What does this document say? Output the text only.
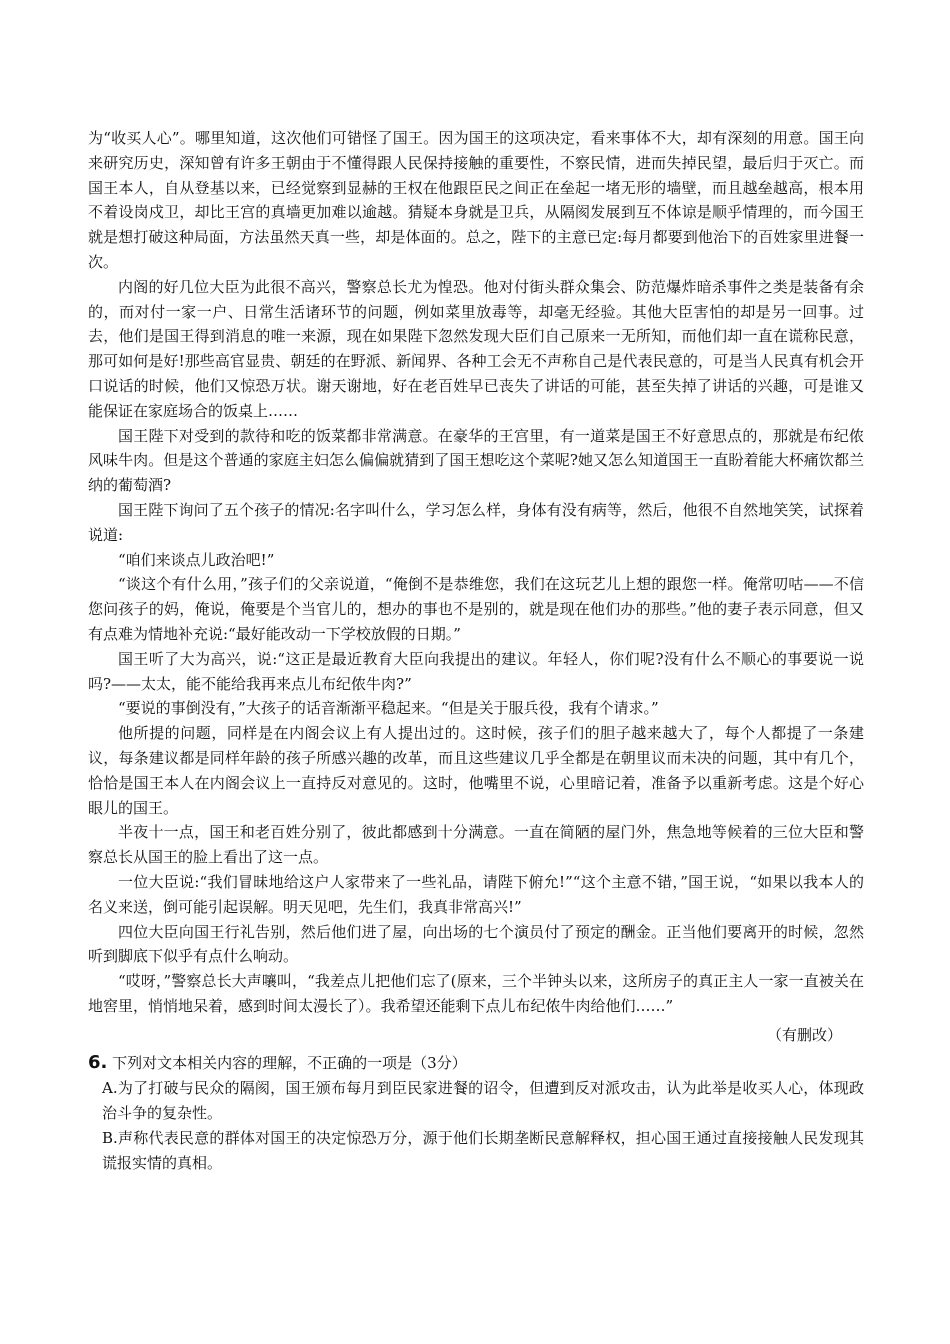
为“收买人心”。哪里知道，这次他们可错怪了国王。因为国王的这项决定，看来事体不大，却有深刻的用意。国王向来研究历史，深知曾有许多王朝由于不懂得跟人民保持接触的重要性，不察民情，进而失掉民望，最后归于灭亡。而国王本人，自从登基以来，已经觉察到显赫的王权在他跟臣民之间正在垒起一堵无形的墙壁，而且越垒越高，根本用不着设岗戍卫，却比王宫的真墙更加难以逾越。猜疑本身就是卫兵，从隔阂发展到互不体谅是顺乎情理的，而今国王就是想打破这种局面，方法虽然天真一些，却是体面的。总之，陛下的主意已定:每月都要到他治下的百姓家里进餐一次。

内阁的好几位大臣为此很不高兴，警察总长尤为惶恐。他对付街头群众集会、防范爆炸暗杀事件之类是装备有余的，而对付一家一户、日常生活诸环节的问题，例如菜里放毒等，却毫无经验。其他大臣害怕的却是另一回事。过去，他们是国王得到消息的唯一来源，现在如果陛下忽然发现大臣们自己原来一无所知，而他们却一直在谎称民意，那可如何是好!那些高官显贵、朝廷的在野派、新闻界、各种工会无不声称自己是代表民意的，可是当人民真有机会开口说话的时候，他们又惊恐万状。谢天谢地，好在老百姓早已丧失了讲话的可能，甚至失掉了讲话的兴趣，可是谁又能保证在家庭场合的饭桌上……

国王陛下对受到的款待和吃的饭菜都非常满意。在豪华的王宫里，有一道菜是国王不好意思点的，那就是布纪侬风味牛肉。但是这个普通的家庭主妇怎么偏偏就猜到了国王想吃这个菜呢?她又怎么知道国王一直盼着能大杯痛饮都兰纳的葡萄酒?

国王陛下询问了五个孩子的情况:名字叫什么，学习怎么样，身体有没有病等，然后，他很不自然地笑笑，试探着说道:

“咱们来谈点儿政治吧!”

“谈这个有什么用，”孩子们的父亲说道，“俺倒不是恭维您，我们在这玩艺儿上想的跟您一样。俺常叨咕——不信您问孩子的妈，俺说，俺要是个当官儿的，想办的事也不是别的，就是现在他们办的那些。”他的妻子表示同意，但又有点难为情地补充说:“最好能改动一下学校放假的日期。”

国王听了大为高兴，说:“这正是最近教育大臣向我提出的建议。年轻人，你们呢?没有什么不顺心的事要说一说吗?——太太，能不能给我再来点儿布纪侬牛肉?”

“要说的事倒没有，”大孩子的话音渐渐平稳起来。“但是关于服兵役，我有个请求。”

他所提的问题，同样是在内阁会议上有人提出过的。这时候，孩子们的胆子越来越大了，每个人都提了一条建议，每条建议都是同样年龄的孩子所感兴趣的改革，而且这些建议几乎全都是在朝里议而未决的问题，其中有几个，恰恰是国王本人在内阁会议上一直持反对意见的。这时，他嘴里不说，心里暗记着，准备予以重新考虑。这是个好心眼儿的国王。

半夜十一点，国王和老百姓分别了，彼此都感到十分满意。一直在简陋的屋门外，焦急地等候着的三位大臣和警察总长从国王的脸上看出了这一点。

一位大臣说:“我们冒昧地给这户人家带来了一些礼品，请陛下俯允!”“这个主意不错，”国王说，“如果以我本人的名义来送，倒可能引起误解。明天见吧，先生们，我真非常高兴!”

四位大臣向国王行礼告别，然后他们进了屋，向出场的七个演员付了预定的酬金。正当他们要离开的时候，忽然听到脚底下似乎有点什么响动。

“哎呀，”警察总长大声嚷叫，“我差点儿把他们忘了(原来，三个半钟头以来，这所房子的真正主人一家一直被关在地窖里，悄悄地呆着，感到时间太漫长了）。我希望还能剩下点儿布纪侬牛肉给他们……”

（有删改）

6. 下列对文本相关内容的理解，不正确的一项是（3分）

A.为了打破与民众的隔阂，国王颁布每月到臣民家进餐的诏令，但遭到反对派攻击，认为此举是收买人心，体现政治斗争的复杂性。

B.声称代表民意的群体对国王的决定惊恐万分，源于他们长期垄断民意解释权，担心国王通过直接接触人民发现其谎报实情的真相。
